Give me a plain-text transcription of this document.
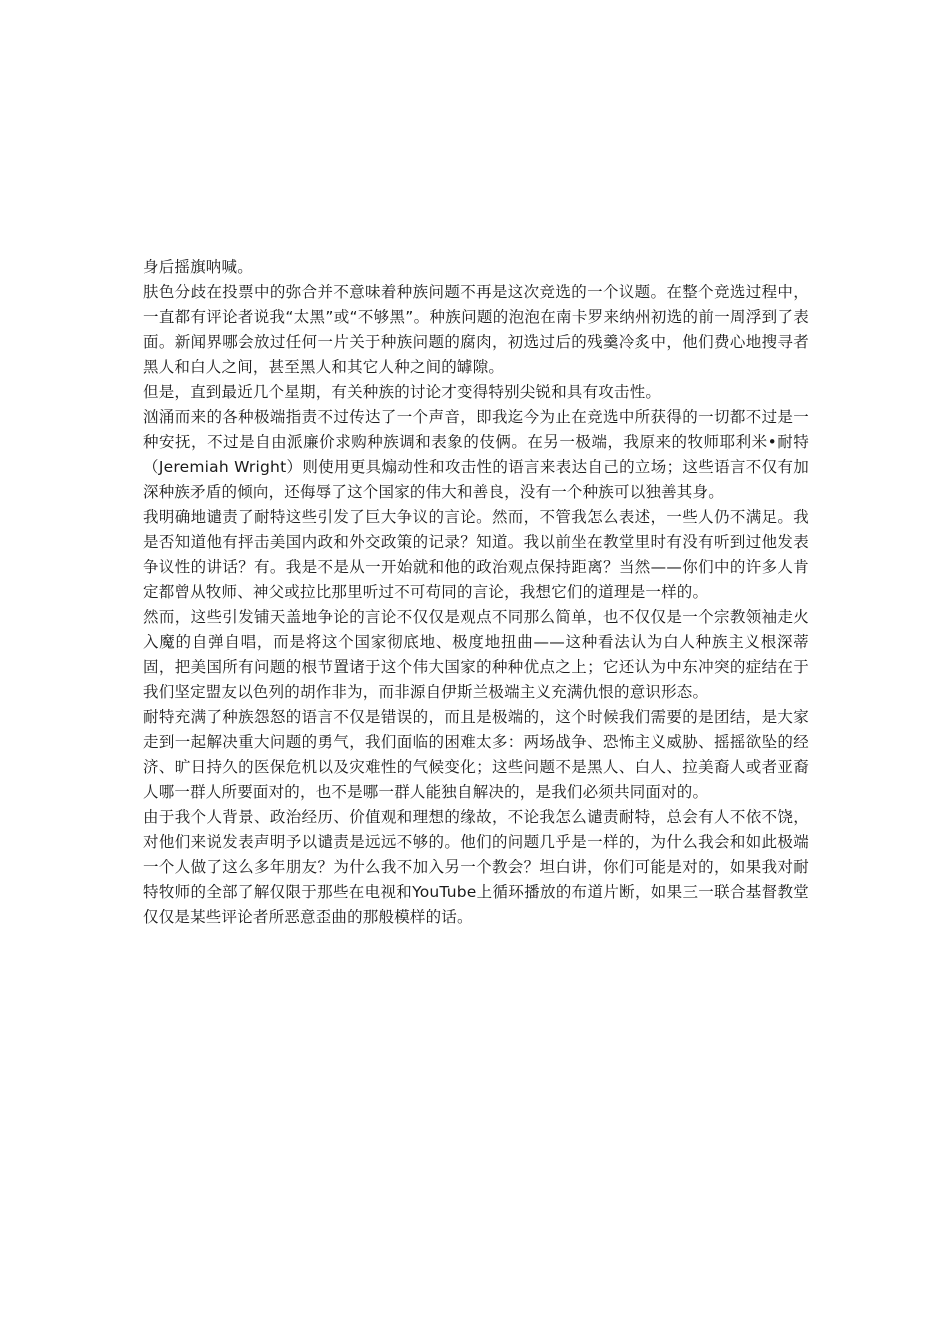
身后摇旗呐喊。

肤色分歧在投票中的弥合并不意味着种族问题不再是这次竞选的一个议题。在整个竞选过程中，一直都有评论者说我“太黑”或“不够黑”。种族问题的泡泡在南卡罗来纳州初选的前一周浮到了表面。新闻界哪会放过任何一片关于种族问题的腐肉，初选过后的残羹冷炙中，他们费心地搜寻者黑人和白人之间，甚至黑人和其它人种之间的罅隙。

但是，直到最近几个星期，有关种族的讨论才变得特别尖锐和具有攻击性。

汹涌而来的各种极端指责不过传达了一个声音，即我迄今为止在竞选中所获得的一切都不过是一种安抚，不过是自由派廉价求购种族调和表象的伎俩。在另一极端，我原来的牧师耶利米•耐特（Jeremiah Wright）则使用更具煽动性和攻击性的语言来表达自己的立场；这些语言不仅有加深种族矛盾的倾向，还侮辱了这个国家的伟大和善良，没有一个种族可以独善其身。

我明确地谴责了耐特这些引发了巨大争议的言论。然而，不管我怎么表述，一些人仍不满足。我是否知道他有抨击美国内政和外交政策的记录？知道。我以前坐在教堂里时有没有听到过他发表争议性的讲话？有。我是不是从一开始就和他的政治观点保持距离？当然——你们中的许多人肯定都曾从牧师、神父或拉比那里听过不可苟同的言论，我想它们的道理是一样的。

然而，这些引发铺天盖地争论的言论不仅仅是观点不同那么简单，也不仅仅是一个宗教领袖走火入魔的自弹自唱，而是将这个国家彻底地、极度地扭曲——这种看法认为白人种族主义根深蒂固，把美国所有问题的根节置诸于这个伟大国家的种种优点之上；它还认为中东冲突的症结在于我们坚定盟友以色列的胡作非为，而非源自伊斯兰极端主义充满仇恨的意识形态。

耐特充满了种族怨怒的语言不仅是错误的，而且是极端的，这个时候我们需要的是团结，是大家走到一起解决重大问题的勇气，我们面临的困难太多：两场战争、恐怖主义威胁、摇摇欲坠的经济、旷日持久的医保危机以及灾难性的气候变化；这些问题不是黑人、白人、拉美裔人或者亚裔人哪一群人所要面对的，也不是哪一群人能独自解决的，是我们必须共同面对的。

由于我个人背景、政治经历、价值观和理想的缘故，不论我怎么谴责耐特，总会有人不依不饶，对他们来说发表声明予以谴责是远远不够的。他们的问题几乎是一样的，为什么我会和如此极端一个人做了这么多年朋友？为什么我不加入另一个教会？坦白讲，你们可能是对的，如果我对耐特牧师的全部了解仅限于那些在电视和YouTube上循环播放的布道片断，如果三一联合基督教堂仅仅是某些评论者所恶意歪曲的那般模样的话。
